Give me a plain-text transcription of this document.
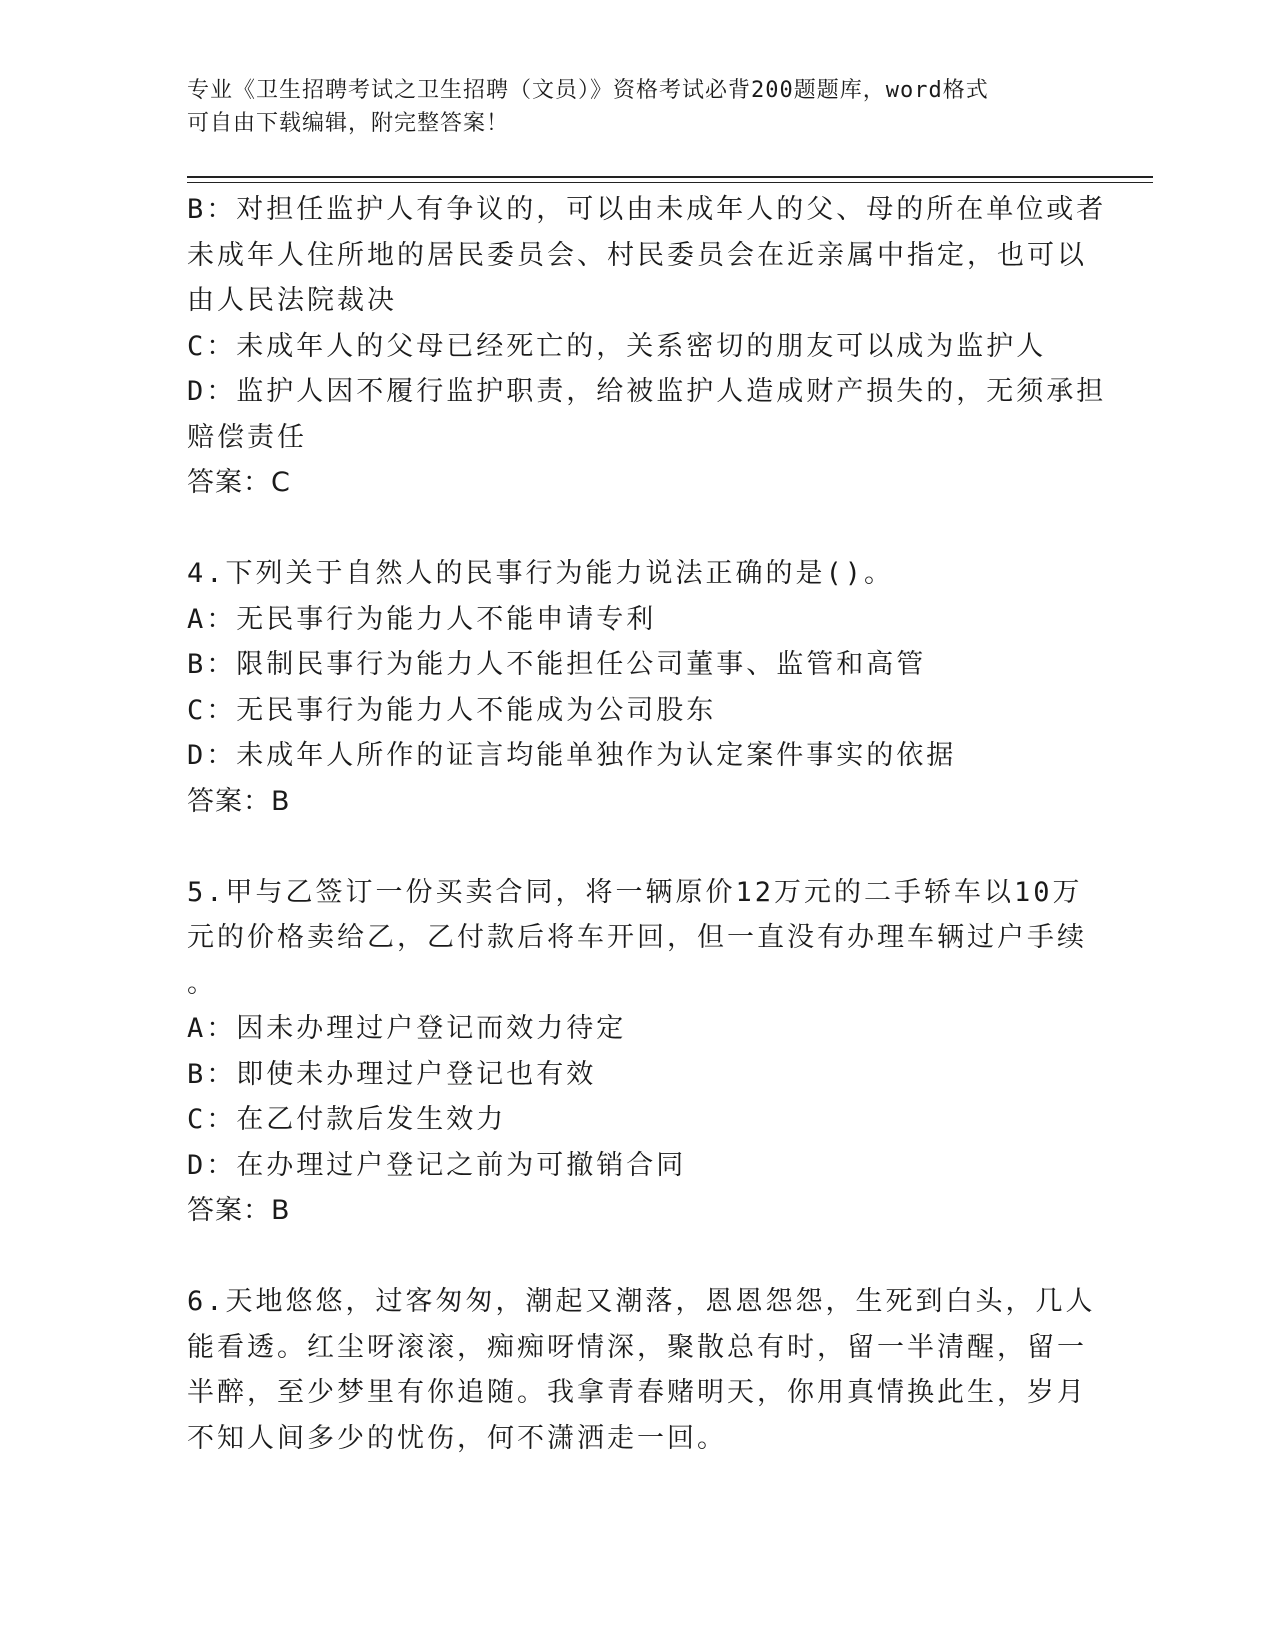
专业《卫生招聘考试之卫生招聘（文员）》资格考试必背200题题库，word格式
可自由下载编辑，附完整答案！
B：对担任监护人有争议的，可以由未成年人的父、母的所在单位或者
未成年人住所地的居民委员会、村民委员会在近亲属中指定，也可以
由人民法院裁决
C：未成年人的父母已经死亡的，关系密切的朋友可以成为监护人
D：监护人因不履行监护职责，给被监护人造成财产损失的，无须承担
赔偿责任
答案：C
4.下列关于自然人的民事行为能力说法正确的是()。
A：无民事行为能力人不能申请专利
B：限制民事行为能力人不能担任公司董事、监管和高管
C：无民事行为能力人不能成为公司股东
D：未成年人所作的证言均能单独作为认定案件事实的依据
答案：B
5.甲与乙签订一份买卖合同，将一辆原价12万元的二手轿车以10万
元的价格卖给乙，乙付款后将车开回，但一直没有办理车辆过户手续
。
A：因未办理过户登记而效力待定
B：即使未办理过户登记也有效
C：在乙付款后发生效力
D：在办理过户登记之前为可撤销合同
答案：B
6.天地悠悠，过客匆匆，潮起又潮落，恩恩怨怨，生死到白头，几人
能看透。红尘呀滚滚，痴痴呀情深，聚散总有时，留一半清醒，留一
半醉，至少梦里有你追随。我拿青春赌明天，你用真情换此生，岁月
不知人间多少的忧伤，何不潇洒走一回。
